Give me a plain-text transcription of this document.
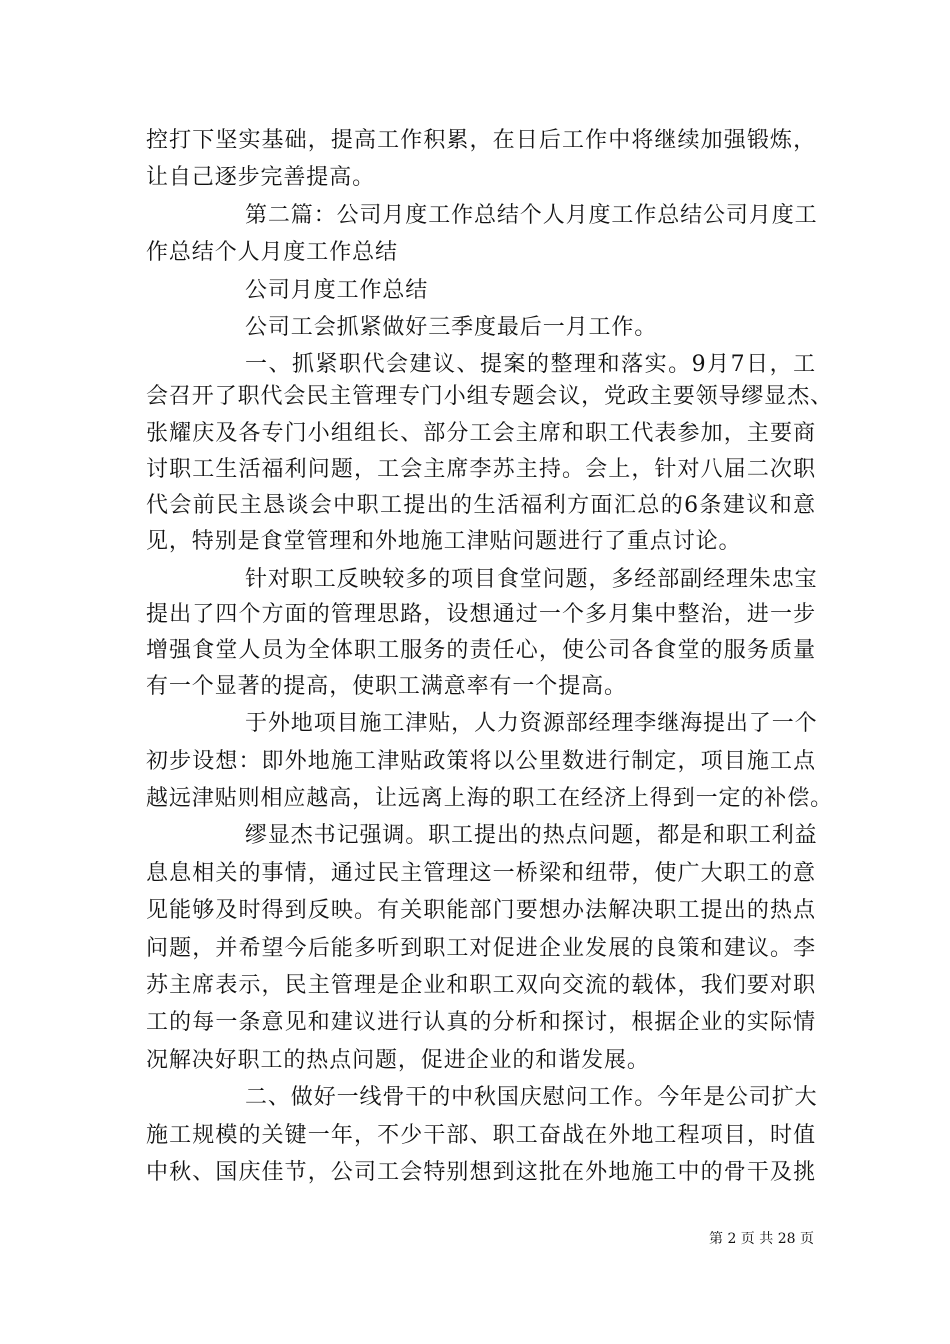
控打下坚实基础，提高工作积累，在日后工作中将继续加强锻炼，
让自己逐步完善提高。
第二篇：公司月度工作总结个人月度工作总结公司月度工
作总结个人月度工作总结
公司月度工作总结
公司工会抓紧做好三季度最后一月工作。
一、抓紧职代会建议、提案的整理和落实。9月7日，工
会召开了职代会民主管理专门小组专题会议，党政主要领导缪显杰、
张耀庆及各专门小组组长、部分工会主席和职工代表参加，主要商
讨职工生活福利问题，工会主席李苏主持。会上，针对八届二次职
代会前民主恳谈会中职工提出的生活福利方面汇总的6条建议和意
见，特别是食堂管理和外地施工津贴问题进行了重点讨论。
针对职工反映较多的项目食堂问题，多经部副经理朱忠宝
提出了四个方面的管理思路，设想通过一个多月集中整治，进一步
增强食堂人员为全体职工服务的责任心，使公司各食堂的服务质量
有一个显著的提高，使职工满意率有一个提高。
于外地项目施工津贴，人力资源部经理李继海提出了一个
初步设想：即外地施工津贴政策将以公里数进行制定，项目施工点
越远津贴则相应越高，让远离上海的职工在经济上得到一定的补偿。
缪显杰书记强调。职工提出的热点问题，都是和职工利益
息息相关的事情，通过民主管理这一桥梁和纽带，使广大职工的意
见能够及时得到反映。有关职能部门要想办法解决职工提出的热点
问题，并希望今后能多听到职工对促进企业发展的良策和建议。李
苏主席表示，民主管理是企业和职工双向交流的载体，我们要对职
工的每一条意见和建议进行认真的分析和探讨，根据企业的实际情
况解决好职工的热点问题，促进企业的和谐发展。
二、做好一线骨干的中秋国庆慰问工作。今年是公司扩大
施工规模的关键一年，不少干部、职工奋战在外地工程项目，时值
中秋、国庆佳节，公司工会特别想到这批在外地施工中的骨干及挑
第 2 页 共 28 页
